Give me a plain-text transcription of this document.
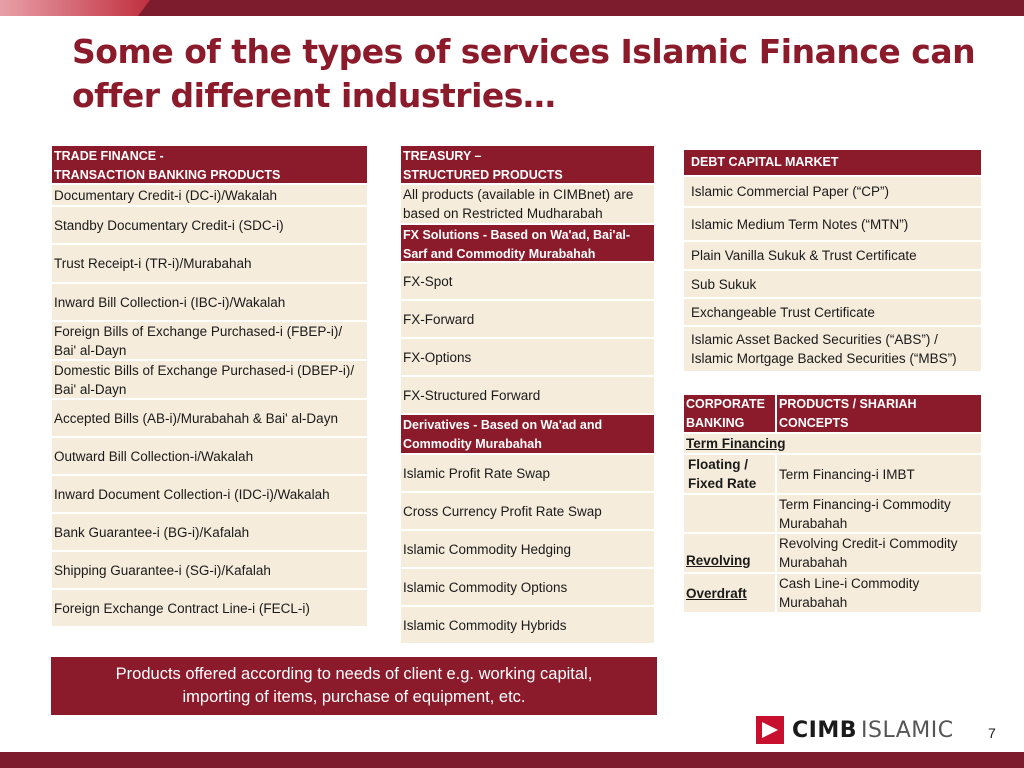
Some of the types of services Islamic Finance can offer different industries…
TRADE FINANCE -
TRANSACTION BANKING PRODUCTS
Documentary Credit-i (DC-i)/Wakalah
Standby Documentary Credit-i (SDC-i)
Trust Receipt-i (TR-i)/Murabahah
Inward Bill Collection-i (IBC-i)/Wakalah
Foreign Bills of Exchange Purchased-i (FBEP-i)/ Bai' al-Dayn
Domestic Bills of Exchange Purchased-i (DBEP-i)/ Bai' al-Dayn
Accepted Bills (AB-i)/Murabahah & Bai' al-Dayn
Outward Bill Collection-i/Wakalah
Inward Document Collection-i (IDC-i)/Wakalah
Bank Guarantee-i (BG-i)/Kafalah
Shipping Guarantee-i (SG-i)/Kafalah
Foreign Exchange Contract Line-i (FECL-i)
TREASURY –
STRUCTURED PRODUCTS
All products (available in CIMBnet) are based on Restricted Mudharabah
FX Solutions - Based on Wa'ad, Bai'al-Sarf and Commodity Murabahah
FX-Spot
FX-Forward
FX-Options
FX-Structured Forward
Derivatives - Based on Wa'ad and Commodity Murabahah
Islamic Profit Rate Swap
Cross Currency Profit Rate Swap
Islamic Commodity Hedging
Islamic Commodity Options
Islamic Commodity Hybrids
DEBT CAPITAL MARKET
Islamic Commercial Paper (“CP”)
Islamic Medium Term Notes (“MTN”)
Plain Vanilla Sukuk & Trust Certificate
Sub Sukuk
Exchangeable Trust Certificate
Islamic Asset Backed Securities (“ABS”) / Islamic Mortgage Backed Securities (“MBS”)
CORPORATE BANKING
PRODUCTS / SHARIAH CONCEPTS
Term Financing
Floating / Fixed Rate
Term Financing-i IMBT
Term Financing-i Commodity Murabahah
Revolving
Revolving Credit-i Commodity Murabahah
Overdraft
Cash Line-i Commodity Murabahah
Products offered according to needs of client e.g. working capital,
importing of items, purchase of equipment, etc.
CIMB ISLAMIC 7
